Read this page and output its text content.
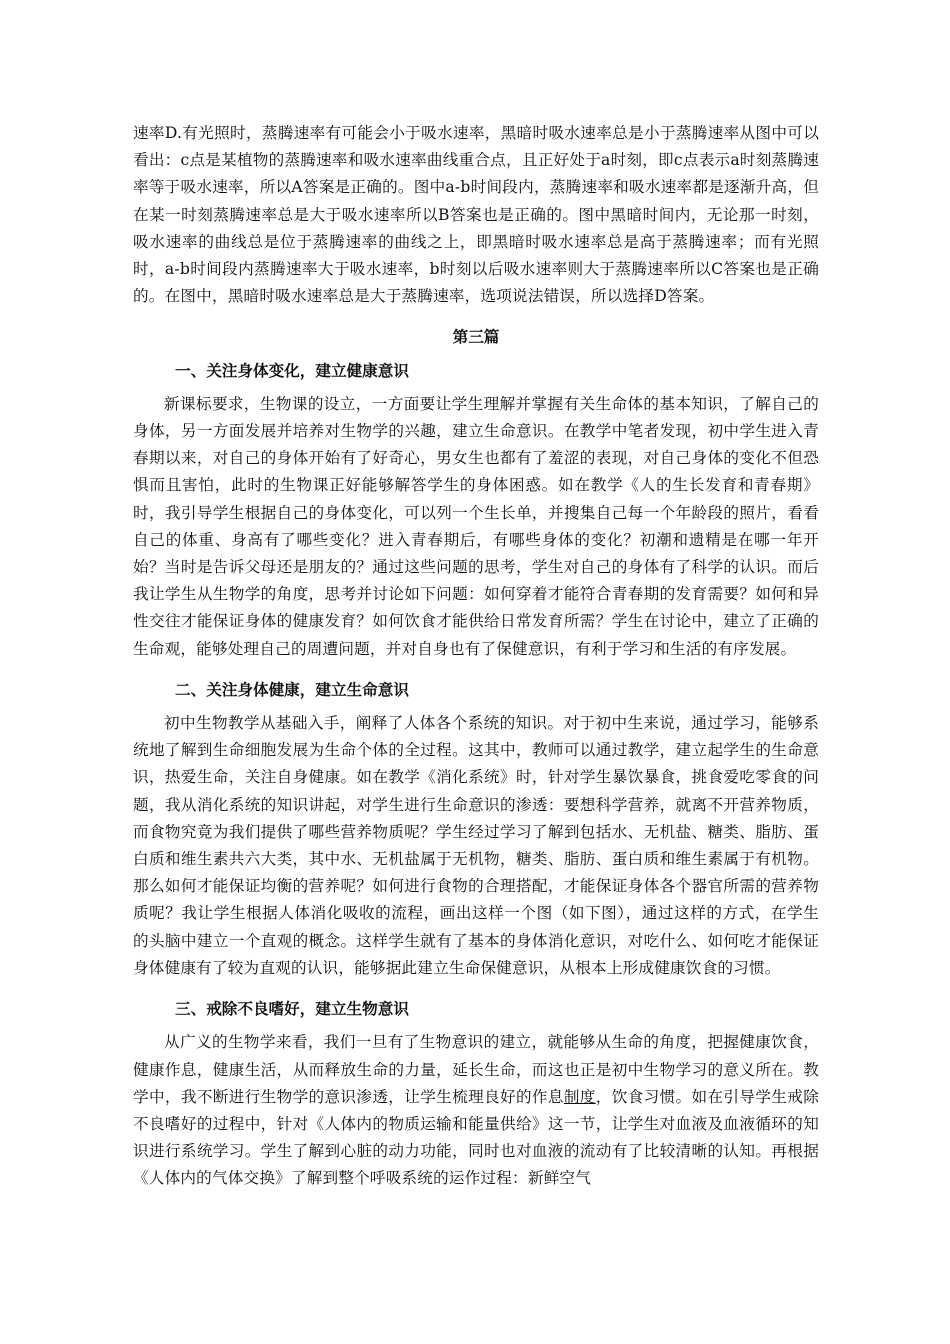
速率D.有光照时，蒸腾速率有可能会小于吸水速率，黑暗时吸水速率总是小于蒸腾速率从图中可以看出：c点是某植物的蒸腾速率和吸水速率曲线重合点，且正好处于a时刻，即c点表示a时刻蒸腾速率等于吸水速率，所以A答案是正确的。图中a-b时间段内，蒸腾速率和吸水速率都是逐渐升高，但在某一时刻蒸腾速率总是大于吸水速率所以B答案也是正确的。图中黑暗时间内，无论那一时刻，吸水速率的曲线总是位于蒸腾速率的曲线之上，即黑暗时吸水速率总是高于蒸腾速率；而有光照时，a-b时间段内蒸腾速率大于吸水速率，b时刻以后吸水速率则大于蒸腾速率所以C答案也是正确的。在图中，黑暗时吸水速率总是大于蒸腾速率，选项说法错误，所以选择D答案。

第三篇
一、关注身体变化，建立健康意识

新课标要求，生物课的设立，一方面要让学生理解并掌握有关生命体的基本知识，了解自己的身体，另一方面发展并培养对生物学的兴趣，建立生命意识。在教学中笔者发现，初中学生进入青春期以来，对自己的身体开始有了好奇心，男女生也都有了羞涩的表现，对自己身体的变化不但恐惧而且害怕，此时的生物课正好能够解答学生的身体困惑。如在教学《人的生长发育和青春期》时，我引导学生根据自己的身体变化，可以列一个生长单，并搜集自己每一个年龄段的照片，看看自己的体重、身高有了哪些变化？进入青春期后，有哪些身体的变化？初潮和遗精是在哪一年开始？当时是告诉父母还是朋友的？通过这些问题的思考，学生对自己的身体有了科学的认识。而后我让学生从生物学的角度，思考并讨论如下问题：如何穿着才能符合青春期的发育需要？如何和异性交往才能保证身体的健康发育？如何饮食才能供给日常发育所需？学生在讨论中，建立了正确的生命观，能够处理自己的周遭问题，并对自身也有了保健意识，有利于学习和生活的有序发展。

二、关注身体健康，建立生命意识

初中生物教学从基础入手，阐释了人体各个系统的知识。对于初中生来说，通过学习，能够系统地了解到生命细胞发展为生命个体的全过程。这其中，教师可以通过教学，建立起学生的生命意识，热爱生命，关注自身健康。如在教学《消化系统》时，针对学生暴饮暴食，挑食爱吃零食的问题，我从消化系统的知识讲起，对学生进行生命意识的渗透：要想科学营养，就离不开营养物质，而食物究竟为我们提供了哪些营养物质呢？学生经过学习了解到包括水、无机盐、糖类、脂肪、蛋白质和维生素共六大类，其中水、无机盐属于无机物，糖类、脂肪、蛋白质和维生素属于有机物。那么如何才能保证均衡的营养呢？如何进行食物的合理搭配，才能保证身体各个器官所需的营养物质呢？我让学生根据人体消化吸收的流程，画出这样一个图（如下图），通过这样的方式，在学生的头脑中建立一个直观的概念。这样学生就有了基本的身体消化意识，对吃什么、如何吃才能保证身体健康有了较为直观的认识，能够据此建立生命保健意识，从根本上形成健康饮食的习惯。

三、戒除不良嗜好，建立生物意识

从广义的生物学来看，我们一旦有了生物意识的建立，就能够从生命的角度，把握健康饮食，健康作息，健康生活，从而释放生命的力量，延长生命，而这也正是初中生物学习的意义所在。教学中，我不断进行生物学的意识渗透，让学生梳理良好的作息制度，饮食习惯。如在引导学生戒除不良嗜好的过程中，针对《人体内的物质运输和能量供给》这一节，让学生对血液及血液循环的知识进行系统学习。学生了解到心脏的动力功能，同时也对血液的流动有了比较清晰的认知。再根据《人体内的气体交换》了解到整个呼吸系统的运作过程：新鲜空气
